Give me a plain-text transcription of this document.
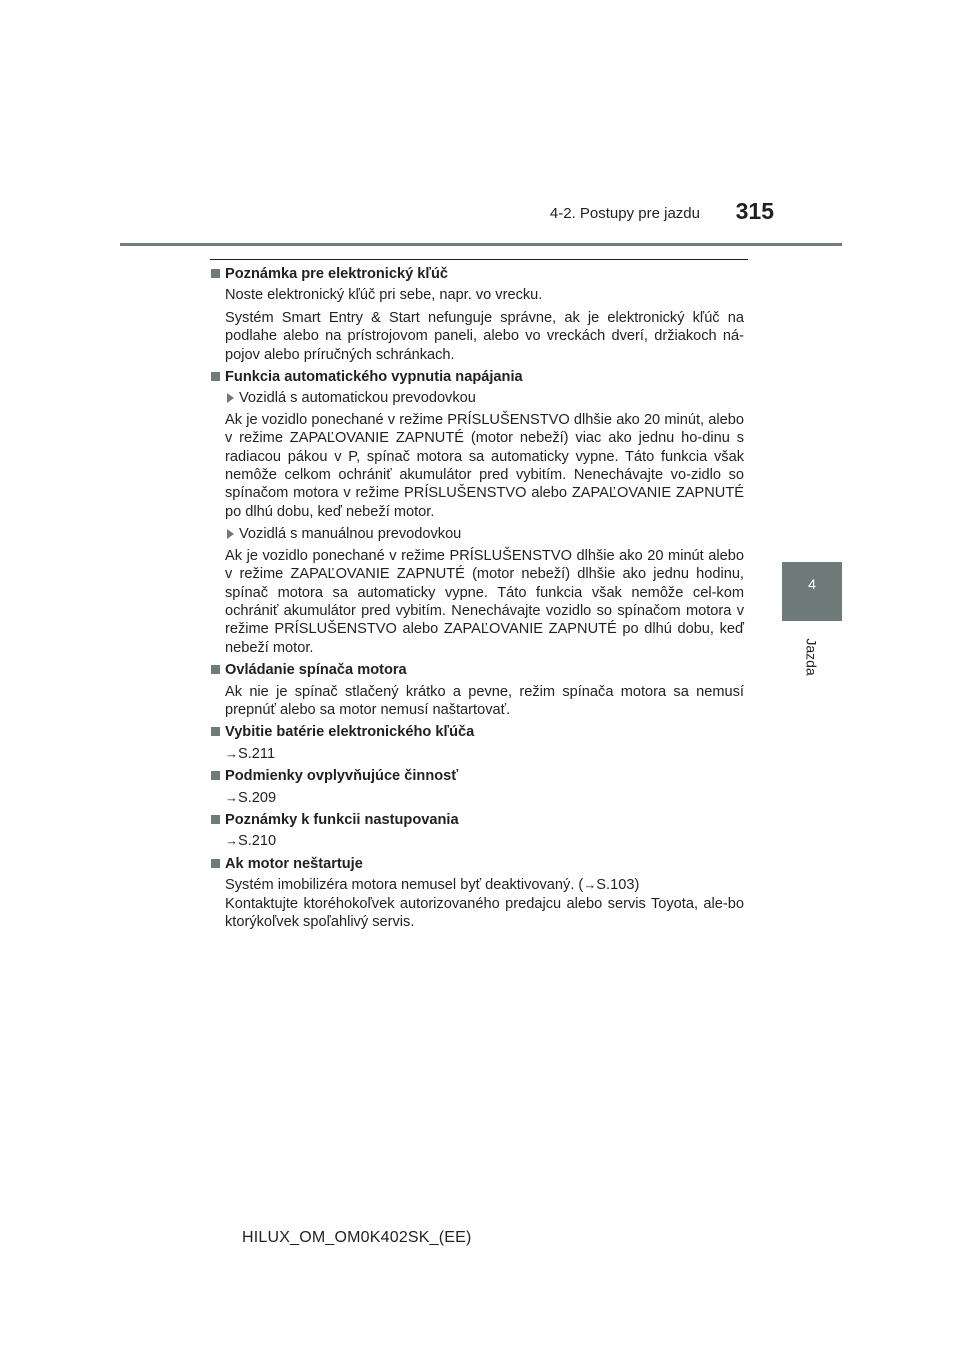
4-2. Postupy pre jazdu	315
4
Jazda
Poznámka pre elektronický kľúč

Noste elektronický kľúč pri sebe, napr. vo vrecku.

Systém Smart Entry & Start nefunguje správne, ak je elektronický kľúč na podlahe alebo na prístrojovom paneli, alebo vo vreckách dverí, držiakoch ná-pojov alebo príručných schránkach.

Funkcia automatického vypnutia napájania
Vozidlá s automatickou prevodovkou

Ak je vozidlo ponechané v režime PRÍSLUŠENSTVO dlhšie ako 20 minút, alebo v režime ZAPAĽOVANIE ZAPNUTÉ (motor nebeží) viac ako jednu ho-dinu s radiacou pákou v P, spínač motora sa automaticky vypne. Táto funkcia však nemôže celkom ochrániť akumulátor pred vybitím. Nenechávajte vo-zidlo so spínačom motora v režime PRÍSLUŠENSTVO alebo ZAPAĽOVANIE ZAPNUTÉ po dlhú dobu, keď nebeží motor.

Vozidlá s manuálnou prevodovkou

Ak je vozidlo ponechané v režime PRÍSLUŠENSTVO dlhšie ako 20 minút alebo v režime ZAPAĽOVANIE ZAPNUTÉ (motor nebeží) dlhšie ako jednu hodinu, spínač motora sa automaticky vypne. Táto funkcia však nemôže cel-kom ochrániť akumulátor pred vybitím. Nenechávajte vozidlo so spínačom motora v režime PRÍSLUŠENSTVO alebo ZAPAĽOVANIE ZAPNUTÉ po dlhú dobu, keď nebeží motor.

Ovládanie spínača motora

Ak nie je spínač stlačený krátko a pevne, režim spínača motora sa nemusí prepnúť alebo sa motor nemusí naštartovať.

Vybitie batérie elektronického kľúča

→S.211

Podmienky ovplyvňujúce činnosť

→S.209

Poznámky k funkcii nastupovania

→S.210

Ak motor neštartuje

Systém imobilizéra motora nemusel byť deaktivovaný. (→S.103)

Kontaktujte ktoréhokoľvek autorizovaného predajcu alebo servis Toyota, ale-bo ktorýkoľvek spoľahlivý servis.

HILUX_OM_OM0K402SK_(EE)
